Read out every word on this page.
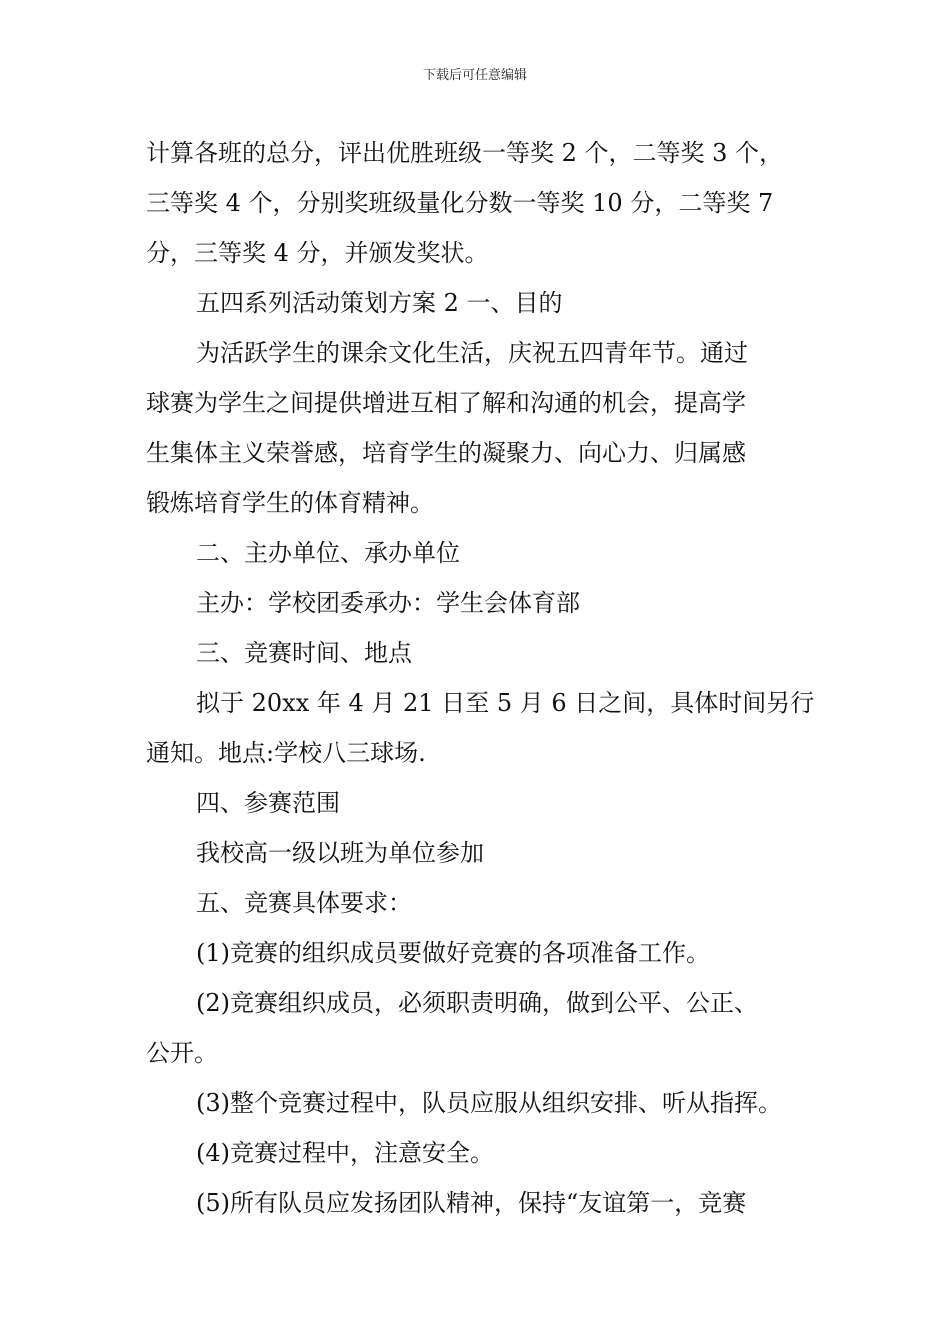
下载后可任意编辑

计算各班的总分，评出优胜班级一等奖 2 个，二等奖 3 个，

三等奖 4 个，分别奖班级量化分数一等奖 10 分，二等奖 7

分，三等奖 4 分，并颁发奖状。

五四系列活动策划方案 2 一、目的

为活跃学生的课余文化生活，庆祝五四青年节。通过

球赛为学生之间提供增进互相了解和沟通的机会，提高学

生集体主义荣誉感，培育学生的凝聚力、向心力、归属感

锻炼培育学生的体育精神。

二、主办单位、承办单位

主办：学校团委承办：学生会体育部

三、竞赛时间、地点

拟于 20xx 年 4 月 21 日至 5 月 6 日之间，具体时间另行

通知。地点:学校八三球场.

四、参赛范围

我校高一级以班为单位参加

五、竞赛具体要求：

(1)竞赛的组织成员要做好竞赛的各项准备工作。

(2)竞赛组织成员，必须职责明确，做到公平、公正、

公开。

(3)整个竞赛过程中，队员应服从组织安排、听从指挥。

(4)竞赛过程中，注意安全。

(5)所有队员应发扬团队精神，保持“友谊第一，竞赛
